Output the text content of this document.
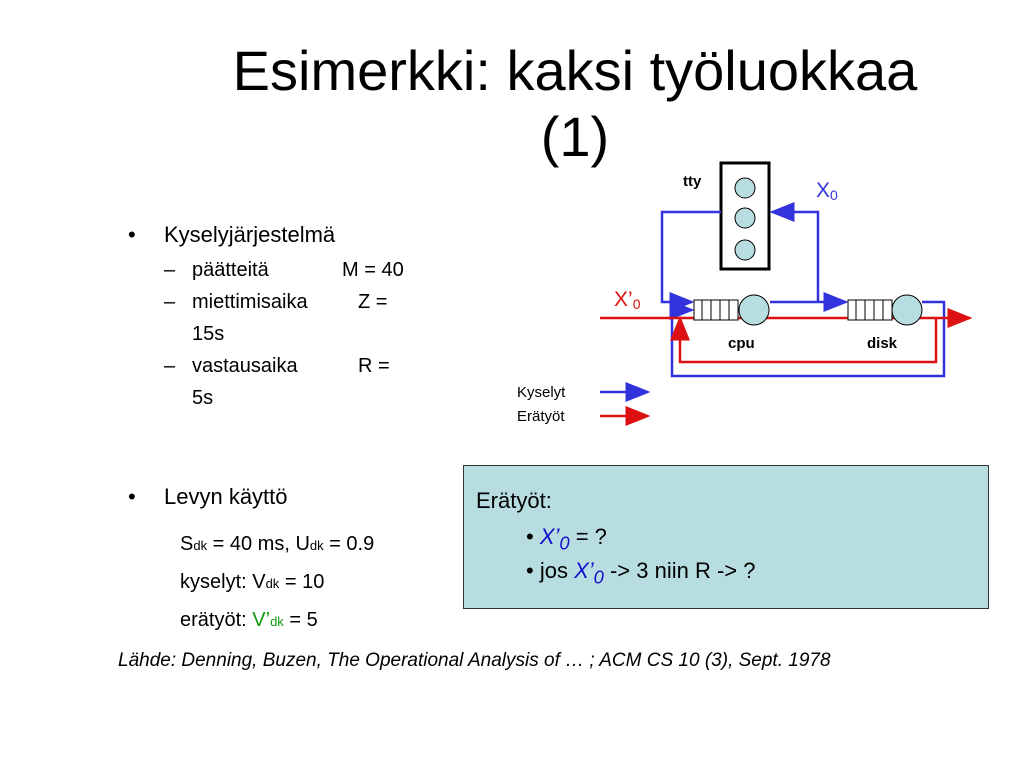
Esimerkki: kaksi työluokkaa
(1)
•	Kyselyjärjestelmä
– päätteitä	M = 40
– miettimisaika	Z =
15s
– vastausaika	R =
5s
•	Levyn käyttö
Sdk = 40 ms, Udk = 0.9
kyselyt: Vdk = 10
erätyöt: V’dk = 5
tty	X0
X’0
cpu	disk
Kyselyt
Erätyöt
Erätyöt:
• $X’_0$ = ?
• jos $X’_0 -> 3$ niin R -> ?
Lähde: Denning, Buzen, The Operational Analysis of … ; ACM CS 10 (3), Sept. 1978
